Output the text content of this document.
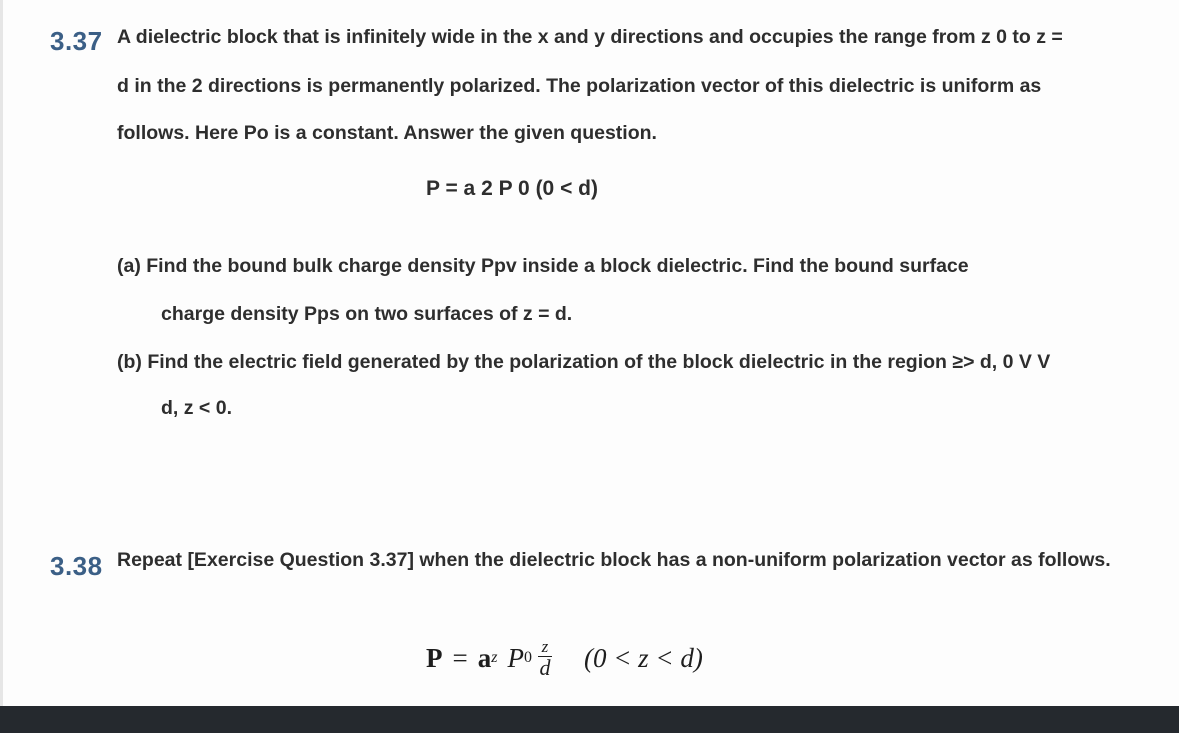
3.37 A dielectric block that is infinitely wide in the x and y directions and occupies the range from z 0 to z =
d in the 2 directions is permanently polarized. The polarization vector of this dielectric is uniform as
follows. Here Po is a constant. Answer the given question.
P = a 2 P 0 (0 < d)
(a) Find the bound bulk charge density Ppv inside a block dielectric. Find the bound surface
charge density Pps on two surfaces of z = d.
(b) Find the electric field generated by the polarization of the block dielectric in the region ≥> d, 0 V V
d, z < 0.
3.38 Repeat [Exercise Question 3.37] when the dielectric block has a non-uniform polarization vector as follows.
P = a z P $0 \frac{z}{d} (0 < z < d)$
